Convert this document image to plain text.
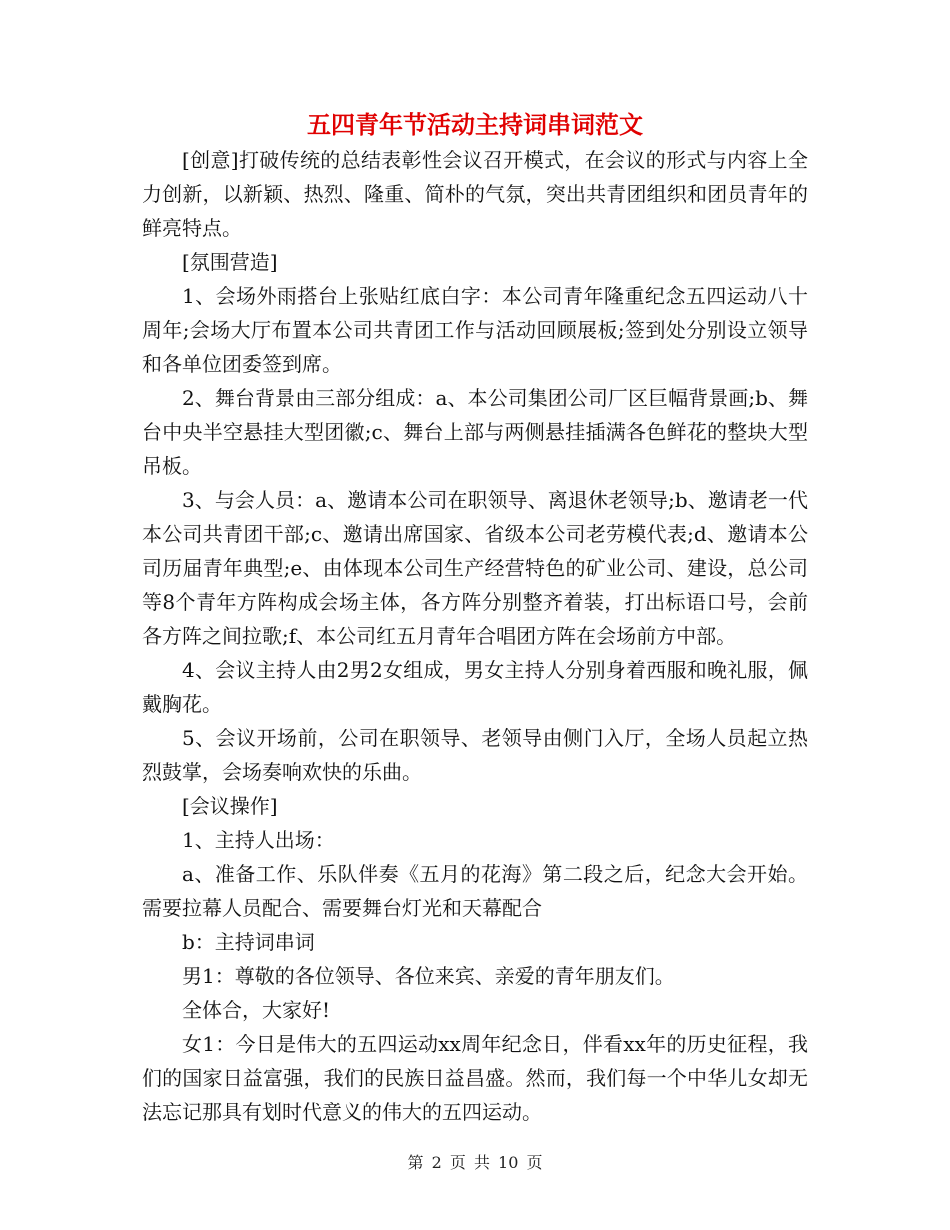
五四青年节活动主持词串词范文

[创意]打破传统的总结表彰性会议召开模式，在会议的形式与内容上全力创新，以新颖、热烈、隆重、简朴的气氛，突出共青团组织和团员青年的鲜亮特点。

[氛围营造]

1、会场外雨搭台上张贴红底白字：本公司青年隆重纪念五四运动八十周年;会场大厅布置本公司共青团工作与活动回顾展板;签到处分别设立领导和各单位团委签到席。

2、舞台背景由三部分组成：a、本公司集团公司厂区巨幅背景画;b、舞台中央半空悬挂大型团徽;c、舞台上部与两侧悬挂插满各色鲜花的整块大型吊板。

3、与会人员：a、邀请本公司在职领导、离退休老领导;b、邀请老一代本公司共青团干部;c、邀请出席国家、省级本公司老劳模代表;d、邀请本公司历届青年典型;e、由体现本公司生产经营特色的矿业公司、建设，总公司等8个青年方阵构成会场主体，各方阵分别整齐着装，打出标语口号，会前各方阵之间拉歌;f、本公司红五月青年合唱团方阵在会场前方中部。

4、会议主持人由2男2女组成，男女主持人分别身着西服和晚礼服，佩戴胸花。

5、会议开场前，公司在职领导、老领导由侧门入厅，全场人员起立热烈鼓掌，会场奏响欢快的乐曲。

[会议操作]

1、主持人出场：

a、准备工作、乐队伴奏《五月的花海》第二段之后，纪念大会开始。需要拉幕人员配合、需要舞台灯光和天幕配合

b：主持词串词

男1：尊敬的各位领导、各位来宾、亲爱的青年朋友们。

全体合，大家好!

女1：今日是伟大的五四运动xx周年纪念日，伴看xx年的历史征程，我们的国家日益富强，我们的民族日益昌盛。然而，我们每一个中华儿女却无法忘记那具有划时代意义的伟大的五四运动。

第 2 页 共 10 页
